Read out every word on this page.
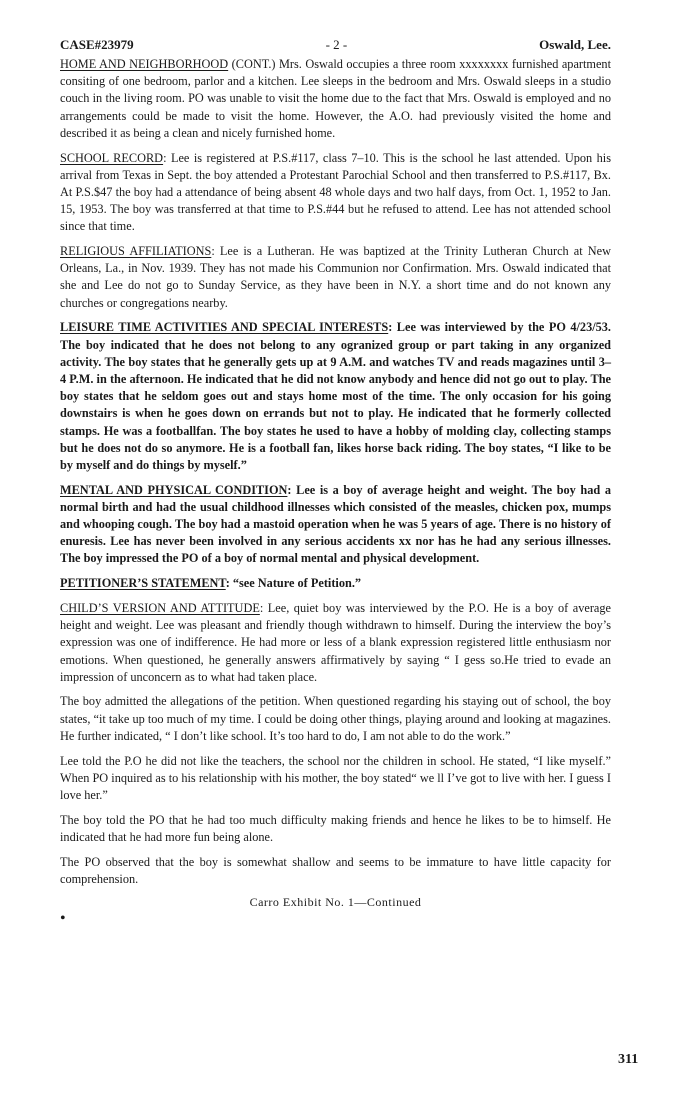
CASE#23979	- 2 -	Oswald, Lee.

HOME AND NEIGHBORHOOD (CONT.) Mrs. Oswald occupies a three room xxxxxxxx furnished apartment consiting of one bedroom, parlor and a kitchen. Lee sleeps in the bedroom and Mrs. Oswald sleeps in a studio couch in the living room. PO was unable to visit the home due to the fact that Mrs. Oswald is employed and no arrangements could be made to visit the home. However, the A.O. had previously visited the home and described it as being a clean and nicely furnished home.

SCHOOL RECORD: Lee is registered at P.S.#117, class 7–10. This is the school he last attended. Upon his arrival from Texas in Sept. the boy attended a Protestant Parochial School and then transferred to P.S.#117, Bx. At P.S.$47 the boy had a attendance of being absent 48 whole days and two half days, from Oct. 1, 1952 to Jan. 15, 1953. The boy was transferred at that time to P.S.#44 but he refused to attend. Lee has not attended school since that time.

RELIGIOUS AFFILIATIONS: Lee is a Lutheran. He was baptized at the Trinity Lutheran Church at New Orleans, La., in Nov. 1939. They has not made his Communion nor Confirmation. Mrs. Oswald indicated that she and Lee do not go to Sunday Service, as they have been in N.Y. a short time and do not known any churches or congregations nearby.

LEISURE TIME ACTIVITIES AND SPECIAL INTERESTS: Lee was interviewed by the PO 4/23/53. The boy indicated that he does not belong to any ogranized group or part taking in any organized activity. The boy states that he generally gets up at 9 A.M. and watches TV and reads magazines until 3– 4 P.M. in the afternoon. He indicated that he did not know anybody and hence did not go out to play. The boy states that he seldom goes out and stays home most of the time. The only occasion for his going downstairs is when he goes down on errands but not to play. He indicated that he formerly collected stamps. He was a footballfan. The boy states he used to have a hobby of molding clay, collecting stamps but he does not do so anymore. He is a football fan, likes horse back riding. The boy states, “I like to be by myself and do things by myself.”

MENTAL AND PHYSICAL CONDITION: Lee is a boy of average height and weight. The boy had a normal birth and had the usual childhood illnesses which consisted of the measles, chicken pox, mumps and whooping cough. The boy had a mastoid operation when he was 5 years of age. There is no history of enuresis. Lee has never been involved in any serious accidents xx nor has he had any serious illnesses. The boy impressed the PO of a boy of normal mental and physical development.

PETITIONER’S STATEMENT: “see Nature of Petition.”

CHILD’S VERSION AND ATTITUDE: Lee, quiet boy was interviewed by the P.O. He is a boy of average height and weight. Lee was pleasant and friendly though withdrawn to himself. During the interview the boy’s expression was one of indifference. He had more or less of a blank expression registered little enthusiasm nor emotions. When questioned, he generally answers affirmatively by saying “ I gess so.He tried to evade an impression of unconcern as to what had taken place.

The boy admitted the allegations of the petition. When questioned regarding his staying out of school, the boy states, “it take up too much of my time. I could be doing other things, playing around and looking at magazines. He further indicated, “ I don’t like school. It’s too hard to do, I am not able to do the work.”

Lee told the P.O he did not like the teachers, the school nor the children in school. He stated, “I like myself.” When PO inquired as to his relationship with his mother, the boy stated“ we ll I’ve got to live with her. I guess I love her.”

The boy told the PO that he had too much difficulty making friends and hence he likes to be to himself. He indicated that he had more fun being alone.

The PO observed that the boy is somewhat shallow and seems to be immature to have little capacity for comprehension.

Carro Exhibit No. 1—Continued
•
311
